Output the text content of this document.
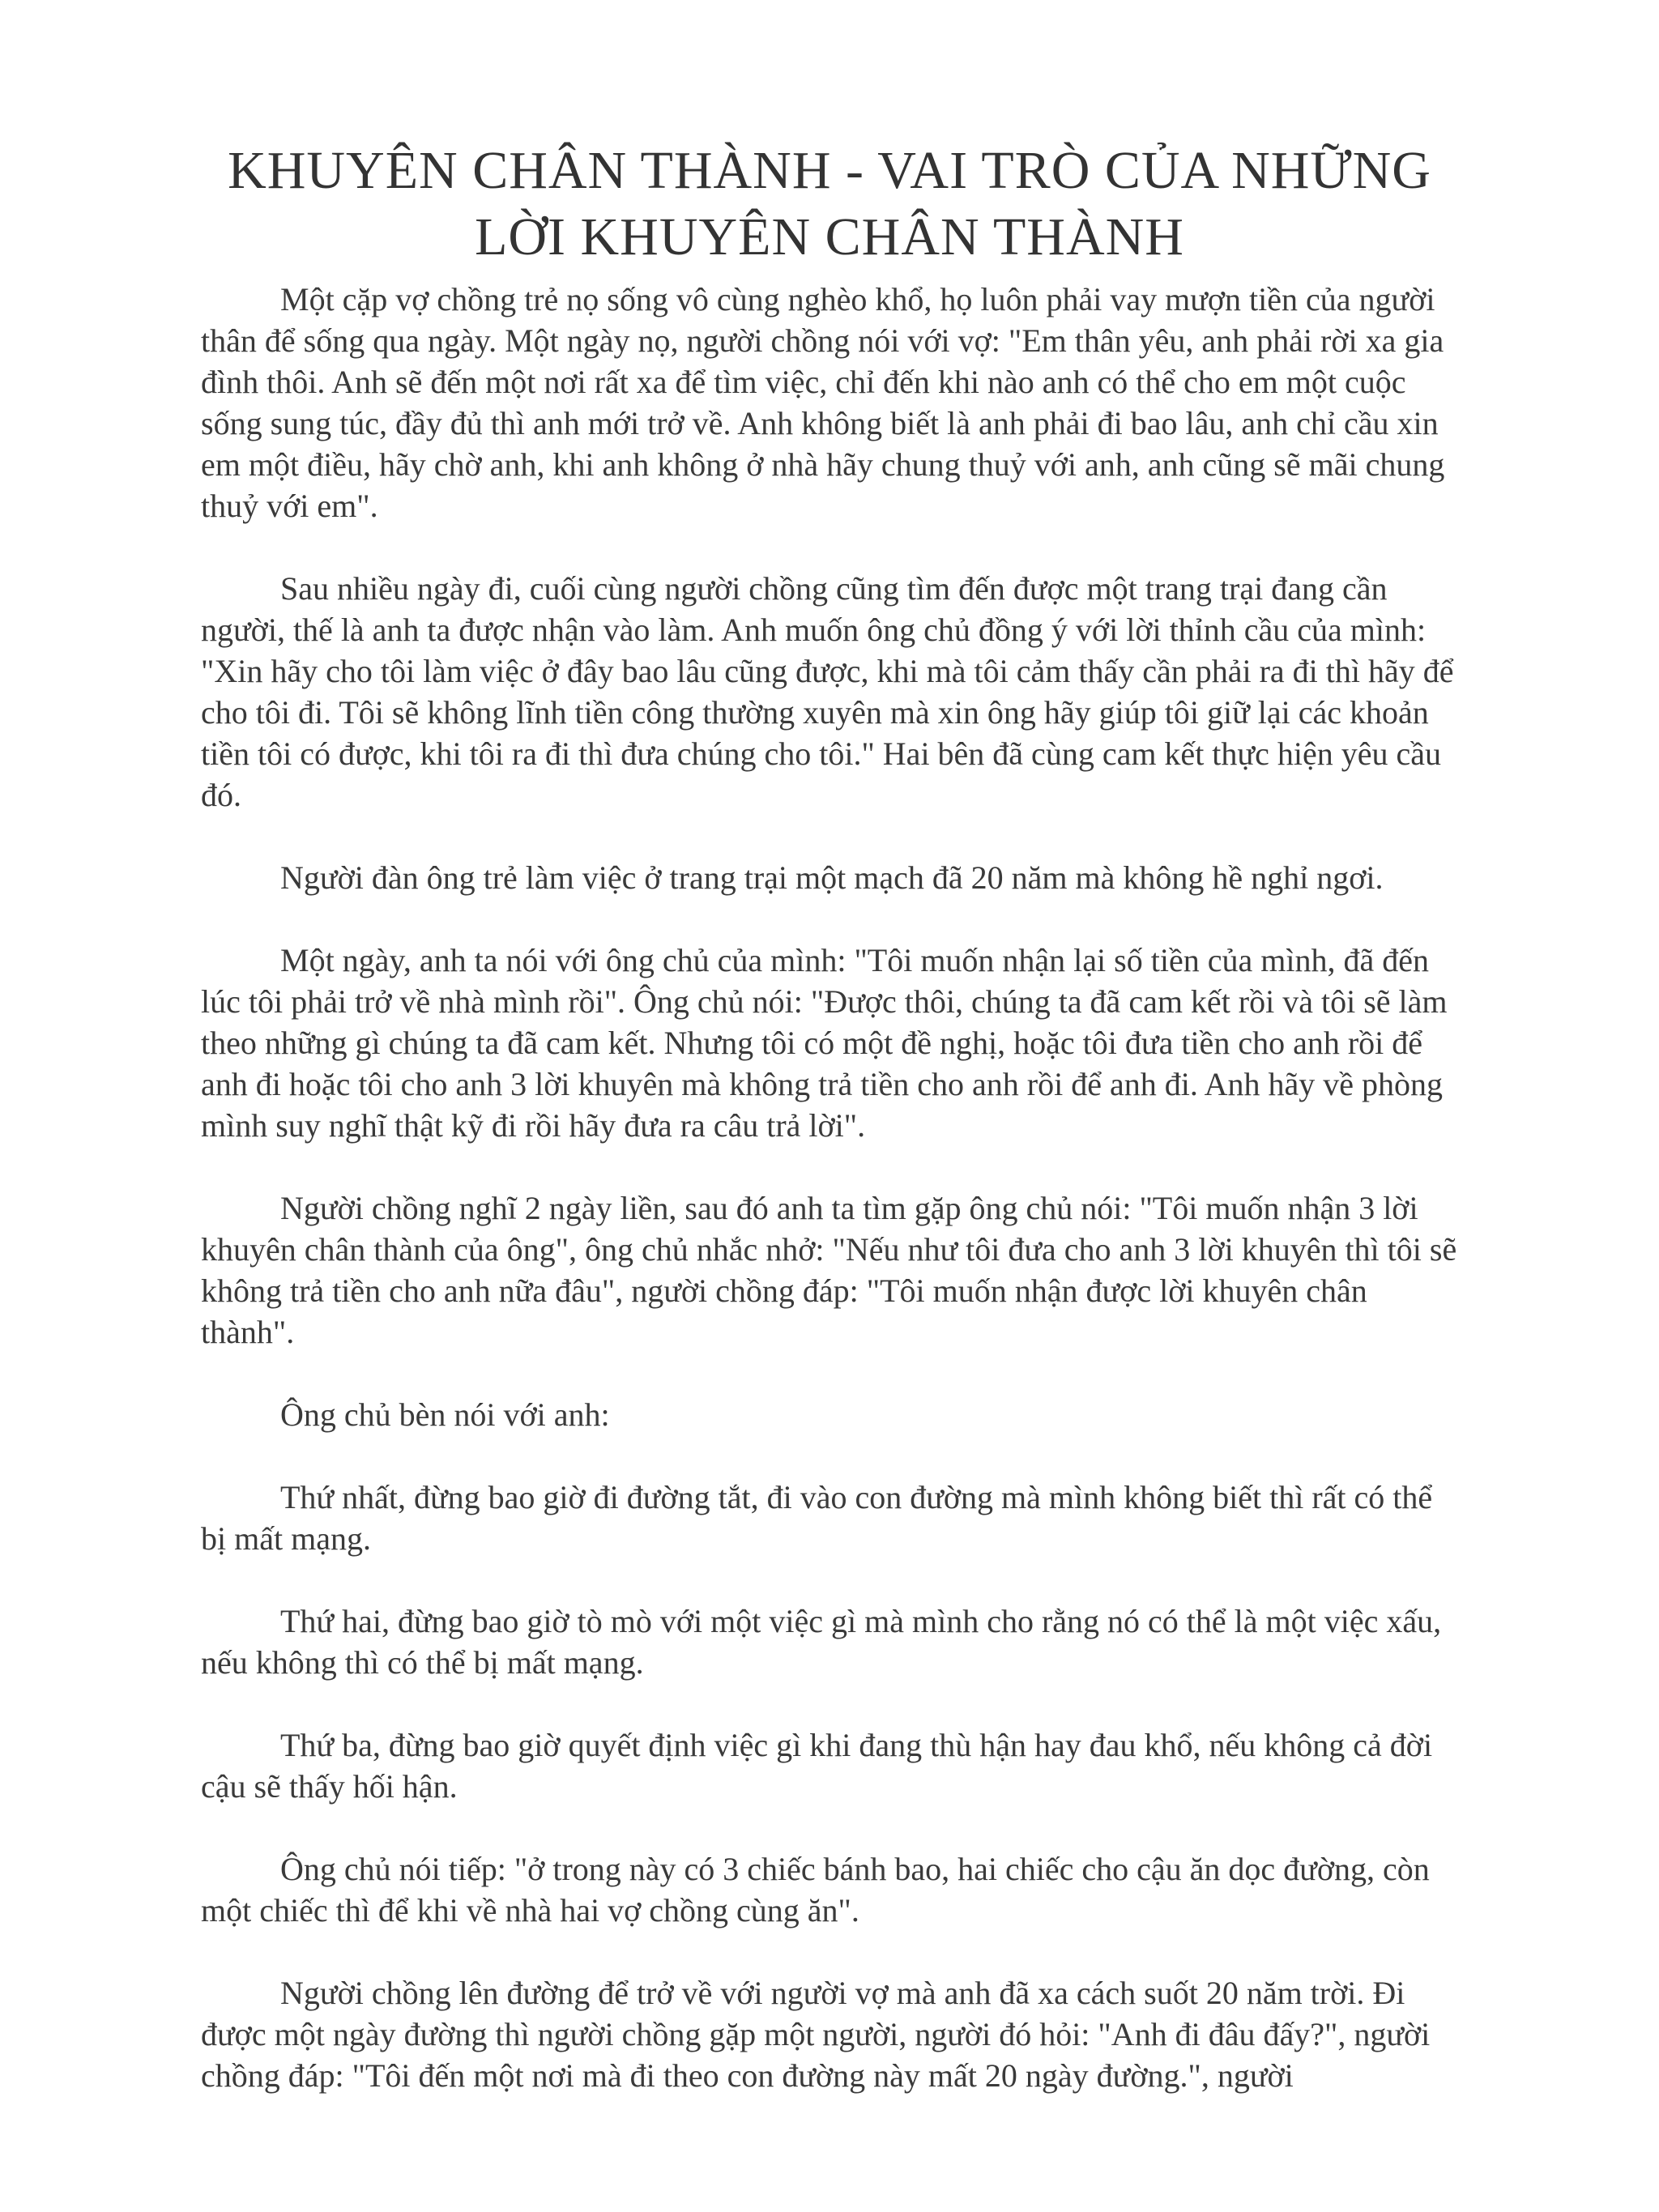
KHUYÊN CHÂN THÀNH - VAI TRÒ CỦA NHỮNG
LỜI KHUYÊN CHÂN THÀNH

Một cặp vợ chồng trẻ nọ sống vô cùng nghèo khổ, họ luôn phải vay mượn tiền của người thân để sống qua ngày. Một ngày nọ, người chồng nói với vợ: "Em thân yêu, anh phải rời xa gia đình thôi. Anh sẽ đến một nơi rất xa để tìm việc, chỉ đến khi nào anh có thể cho em một cuộc sống sung túc, đầy đủ thì anh mới trở về. Anh không biết là anh phải đi bao lâu, anh chỉ cầu xin em một điều, hãy chờ anh, khi anh không ở nhà hãy chung thuỷ với anh, anh cũng sẽ mãi chung thuỷ với em".

Sau nhiều ngày đi, cuối cùng người chồng cũng tìm đến được một trang trại đang cần người, thế là anh ta được nhận vào làm. Anh muốn ông chủ đồng ý với lời thỉnh cầu của mình: "Xin hãy cho tôi làm việc ở đây bao lâu cũng được, khi mà tôi cảm thấy cần phải ra đi thì hãy để cho tôi đi. Tôi sẽ không lĩnh tiền công thường xuyên mà xin ông hãy giúp tôi giữ lại các khoản tiền tôi có được, khi tôi ra đi thì đưa chúng cho tôi." Hai bên đã cùng cam kết thực hiện yêu cầu đó.

Người đàn ông trẻ làm việc ở trang trại một mạch đã 20 năm mà không hề nghỉ ngơi.

Một ngày, anh ta nói với ông chủ của mình: "Tôi muốn nhận lại số tiền của mình, đã đến lúc tôi phải trở về nhà mình rồi". Ông chủ nói: "Được thôi, chúng ta đã cam kết rồi và tôi sẽ làm theo những gì chúng ta đã cam kết. Nhưng tôi có một đề nghị, hoặc tôi đưa tiền cho anh rồi để anh đi hoặc tôi cho anh 3 lời khuyên mà không trả tiền cho anh rồi để anh đi. Anh hãy về phòng mình suy nghĩ thật kỹ đi rồi hãy đưa ra câu trả lời".

Người chồng nghĩ 2 ngày liền, sau đó anh ta tìm gặp ông chủ nói: "Tôi muốn nhận 3 lời khuyên chân thành của ông", ông chủ nhắc nhở: "Nếu như tôi đưa cho anh 3 lời khuyên thì tôi sẽ không trả tiền cho anh nữa đâu", người chồng đáp: "Tôi muốn nhận được lời khuyên chân thành".

Ông chủ bèn nói với anh:

Thứ nhất, đừng bao giờ đi đường tắt, đi vào con đường mà mình không biết thì rất có thể bị mất mạng.

Thứ hai, đừng bao giờ tò mò với một việc gì mà mình cho rằng nó có thể là một việc xấu, nếu không thì có thể bị mất mạng.

Thứ ba, đừng bao giờ quyết định việc gì khi đang thù hận hay đau khổ, nếu không cả đời cậu sẽ thấy hối hận.

Ông chủ nói tiếp: "ở trong này có 3 chiếc bánh bao, hai chiếc cho cậu ăn dọc đường, còn một chiếc thì để khi về nhà hai vợ chồng cùng ăn".

Người chồng lên đường để trở về với người vợ mà anh đã xa cách suốt 20 năm trời. Đi được một ngày đường thì người chồng gặp một người, người đó hỏi: "Anh đi đâu đấy?", người chồng đáp: "Tôi đến một nơi mà đi theo con đường này mất 20 ngày đường.", người
